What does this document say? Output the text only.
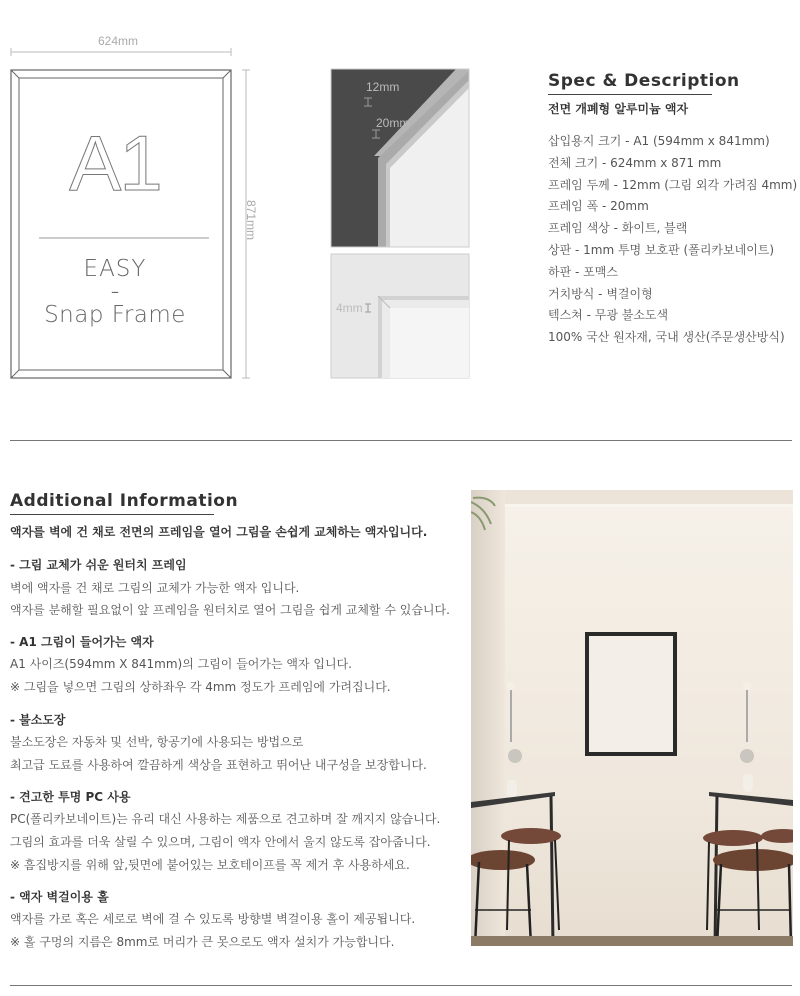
624mm
871mm
A1
EASY
–
Snap Frame
12mm
20mm
4mm
Spec & Description
전면 개폐형 알루미늄 액자
삽입용지 크기 - A1 (594mm x 841mm)
전체 크기 - 624mm x 871 mm
프레임 두께 - 12mm (그림 외각 가려짐 4mm)
프레임 폭 - 20mm
프레임 색상 - 화이트, 블랙
상판 - 1mm 투명 보호판 (폴리카보네이트)
하판 - 포맥스
거치방식 - 벽걸이형
텍스쳐 - 무광 불소도색
100% 국산 원자재, 국내 생산(주문생산방식)
Additional Information
액자를 벽에 건 채로 전면의 프레임을 열어 그림을 손쉽게 교체하는 액자입니다.
- 그림 교체가 쉬운 원터치 프레임
벽에 액자를 건 채로 그림의 교체가 가능한 액자 입니다.
액자를 분해할 필요없이 앞 프레임을 원터치로 열어 그림을 쉽게 교체할 수 있습니다.
- A1 그림이 들어가는 액자
A1 사이즈(594mm X 841mm)의 그림이 들어가는 액자 입니다.
※ 그림을 넣으면 그림의 상하좌우 각 4mm 정도가 프레임에 가려집니다.
- 불소도장
불소도장은 자동차 및 선박, 항공기에 사용되는 방법으로
최고급 도료를 사용하여 깔끔하게 색상을 표현하고 뛰어난 내구성을 보장합니다.
- 견고한 투명 PC 사용
PC(폴리카보네이트)는 유리 대신 사용하는 제품으로 견고하며 잘 깨지지 않습니다.
그림의 효과를 더욱 살릴 수 있으며, 그림이 액자 안에서 울지 않도록 잡아줍니다.
※ 흠집방지를 위해 앞,뒷면에 붙어있는 보호테이프를 꼭 제거 후 사용하세요.
- 액자 벽걸이용 홀
액자를 가로 혹은 세로로 벽에 걸 수 있도록 방향별 벽걸이용 홀이 제공됩니다.
※ 홀 구멍의 지름은 8mm로 머리가 큰 못으로도 액자 설치가 가능합니다.
